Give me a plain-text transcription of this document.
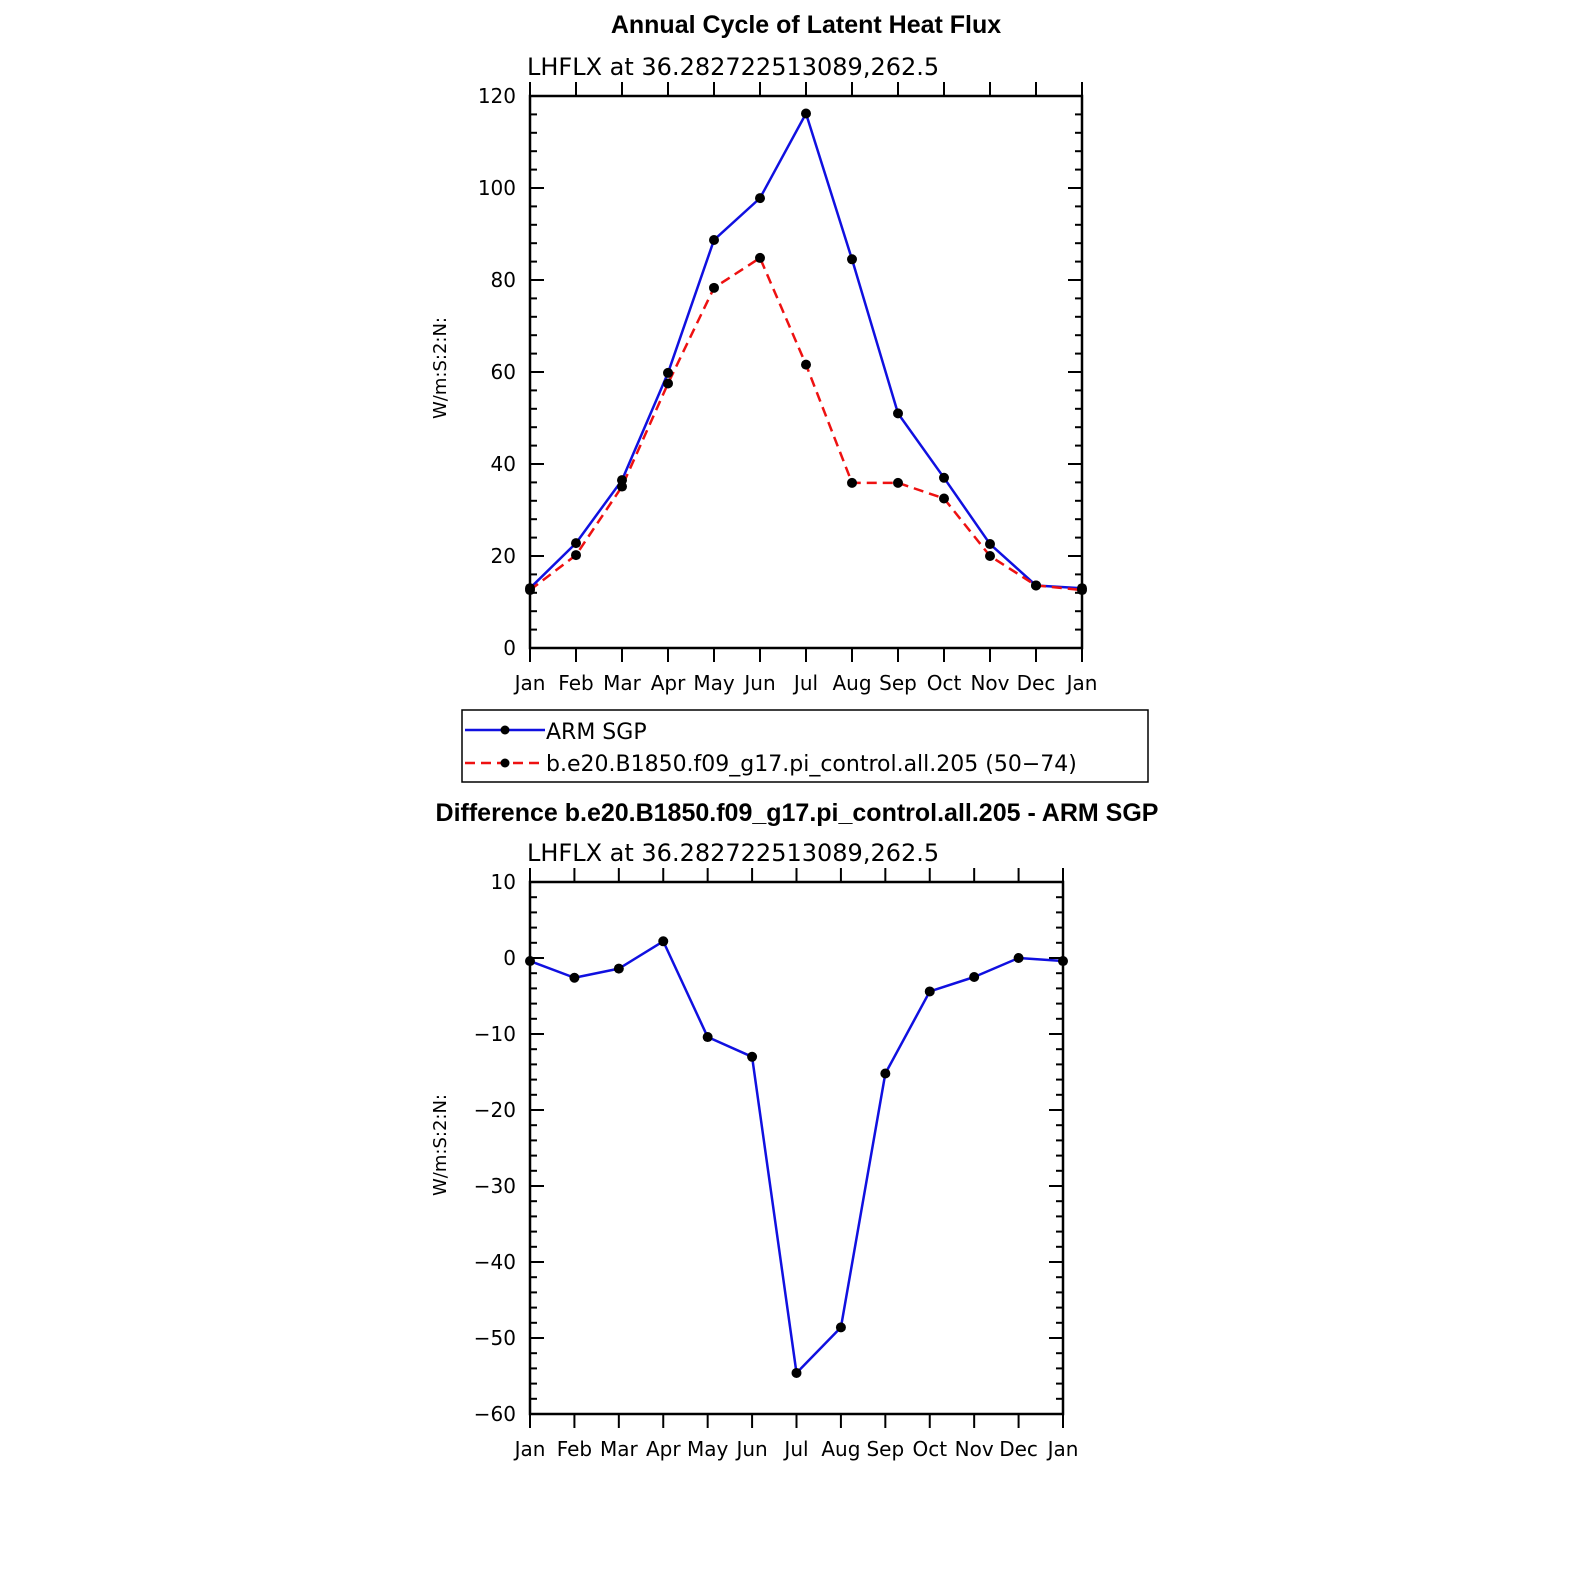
Annual Cycle of Latent Heat Flux
LHFLX at 36.282722513089,262.5
W/m:S:2:N:
0
20
40
60
80
100
120
Jan Feb Mar Apr May Jun Jul Aug Sep Oct Nov Dec Jan
ARM SGP
b.e20.B1850.f09_g17.pi_control.all.205 (50−74)
Difference b.e20.B1850.f09_g17.pi_control.all.205 - ARM SGP
LHFLX at 36.282722513089,262.5
W/m:S:2:N:
−60
−50
−40
−30
−20
−10
0
10
Jan Feb Mar Apr May Jun Jul Aug Sep Oct Nov Dec Jan
